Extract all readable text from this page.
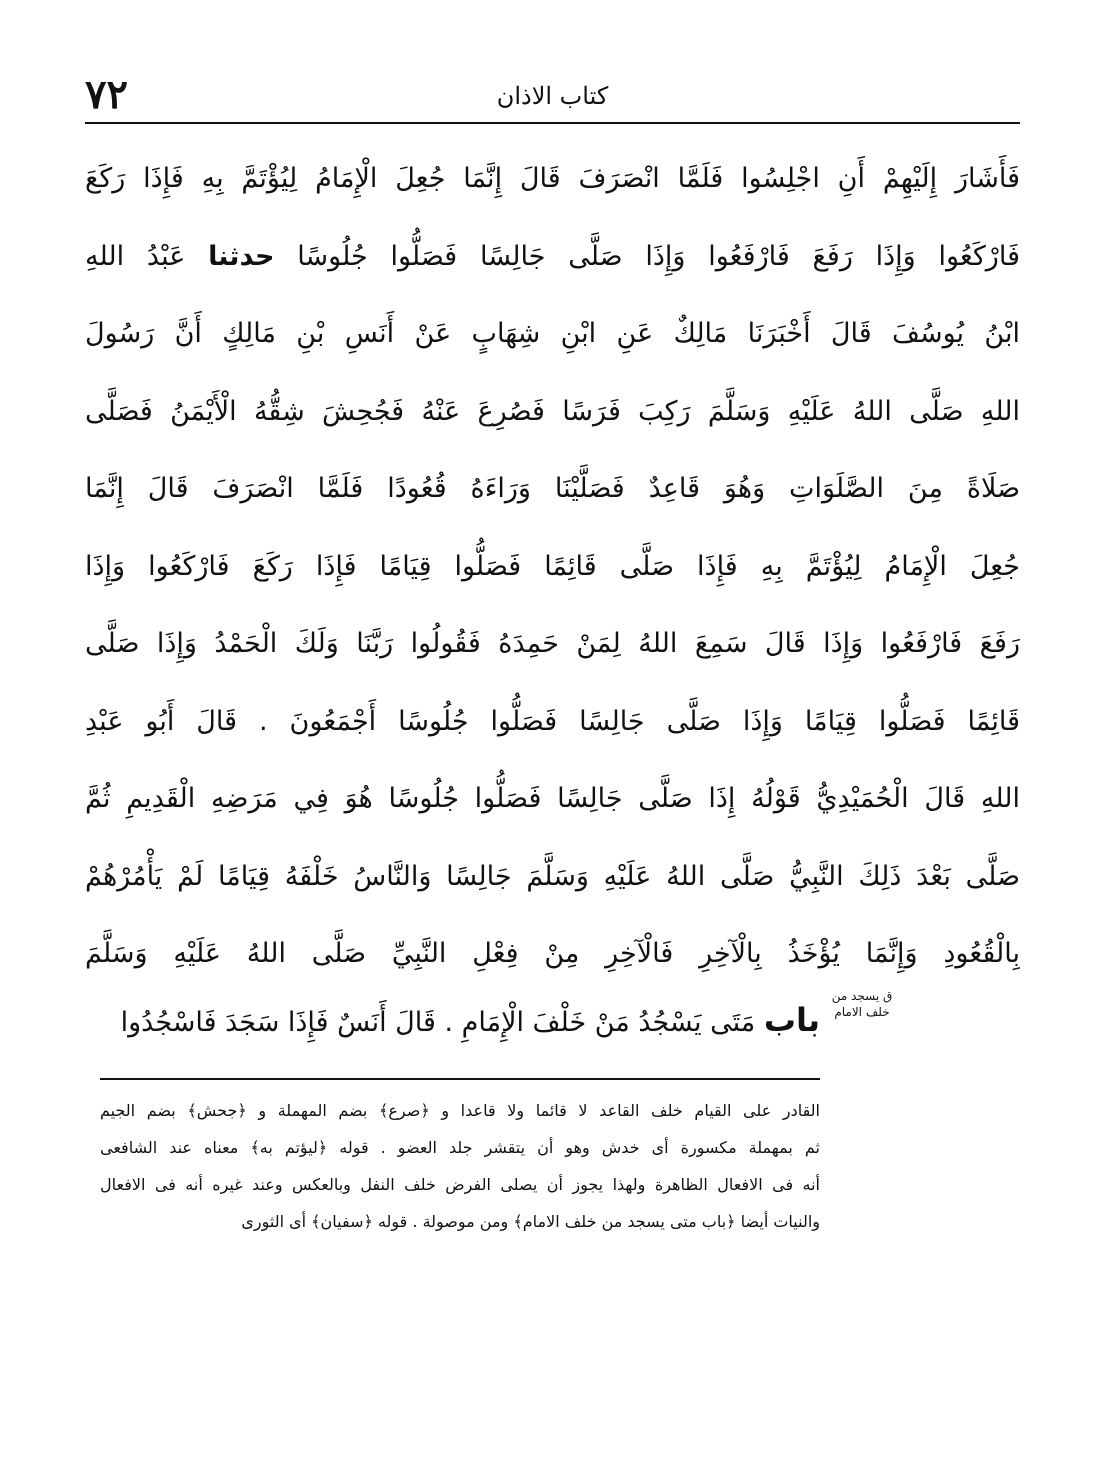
٧٢	كتاب الاذان
فَأَشَارَ إِلَيْهِمْ أَنِ اجْلِسُوا فَلَمَّا انْصَرَفَ قَالَ إِنَّمَا جُعِلَ الْإِمَامُ لِيُؤْتَمَّ بِهِ فَإِذَا رَكَعَ
فَارْكَعُوا وَإِذَا رَفَعَ فَارْفَعُوا وَإِذَا صَلَّى جَالِسًا فَصَلُّوا جُلُوسًا حدثنا عَبْدُ اللهِ
ابْنُ يُوسُفَ قَالَ أَخْبَرَنَا مَالِكٌ عَنِ ابْنِ شِهَابٍ عَنْ أَنَسِ بْنِ مَالِكٍ أَنَّ رَسُولَ
اللهِ صَلَّى اللهُ عَلَيْهِ وَسَلَّمَ رَكِبَ فَرَسًا فَصُرِعَ عَنْهُ فَجُحِشَ شِقُّهُ الْأَيْمَنُ فَصَلَّى
صَلَاةً مِنَ الصَّلَوَاتِ وَهُوَ قَاعِدٌ فَصَلَّيْنَا وَرَاءَهُ قُعُودًا فَلَمَّا انْصَرَفَ قَالَ إِنَّمَا
جُعِلَ الْإِمَامُ لِيُؤْتَمَّ بِهِ فَإِذَا صَلَّى قَائِمًا فَصَلُّوا قِيَامًا فَإِذَا رَكَعَ فَارْكَعُوا وَإِذَا
رَفَعَ فَارْفَعُوا وَإِذَا قَالَ سَمِعَ اللهُ لِمَنْ حَمِدَهُ فَقُولُوا رَبَّنَا وَلَكَ الْحَمْدُ وَإِذَا صَلَّى
قَائِمًا فَصَلُّوا قِيَامًا وَإِذَا صَلَّى جَالِسًا فَصَلُّوا جُلُوسًا أَجْمَعُونَ . قَالَ أَبُو عَبْدِ
اللهِ قَالَ الْحُمَيْدِيُّ قَوْلُهُ إِذَا صَلَّى جَالِسًا فَصَلُّوا جُلُوسًا هُوَ فِي مَرَضِهِ الْقَدِيمِ ثُمَّ
صَلَّى بَعْدَ ذَلِكَ النَّبِيُّ صَلَّى اللهُ عَلَيْهِ وَسَلَّمَ جَالِسًا وَالنَّاسُ خَلْفَهُ قِيَامًا لَمْ يَأْمُرْهُمْ
بِالْقُعُودِ وَإِنَّمَا يُؤْخَذُ بِالْآخِرِ فَالْآخِرِ مِنْ فِعْلِ النَّبِيِّ صَلَّى اللهُ عَلَيْهِ وَسَلَّمَ
باب مَتَى يَسْجُدُ مَنْ خَلْفَ الْإِمَامِ . قَالَ أَنَسٌ فَإِذَا سَجَدَ فَاسْجُدُوا
ق يسجد من خلف الامام
القادر على القيام خلف القاعد لا قائما ولا قاعدا و ﴿صرع﴾ بضم المهملة و ﴿جحش﴾ بضم الجيم
ثم بمهملة مكسورة أى خدش وهو أن يتقشر جلد العضو . قوله ﴿ليؤتم به﴾ معناه عند الشافعى
أنه فى الافعال الظاهرة ولهذا يجوز أن يصلى الفرض خلف النفل وبالعكس وعند غيره أنه فى الافعال
والنيات أيضا ﴿باب متى يسجد من خلف الامام﴾ ومن موصولة . قوله ﴿سفيان﴾ أى الثورى
